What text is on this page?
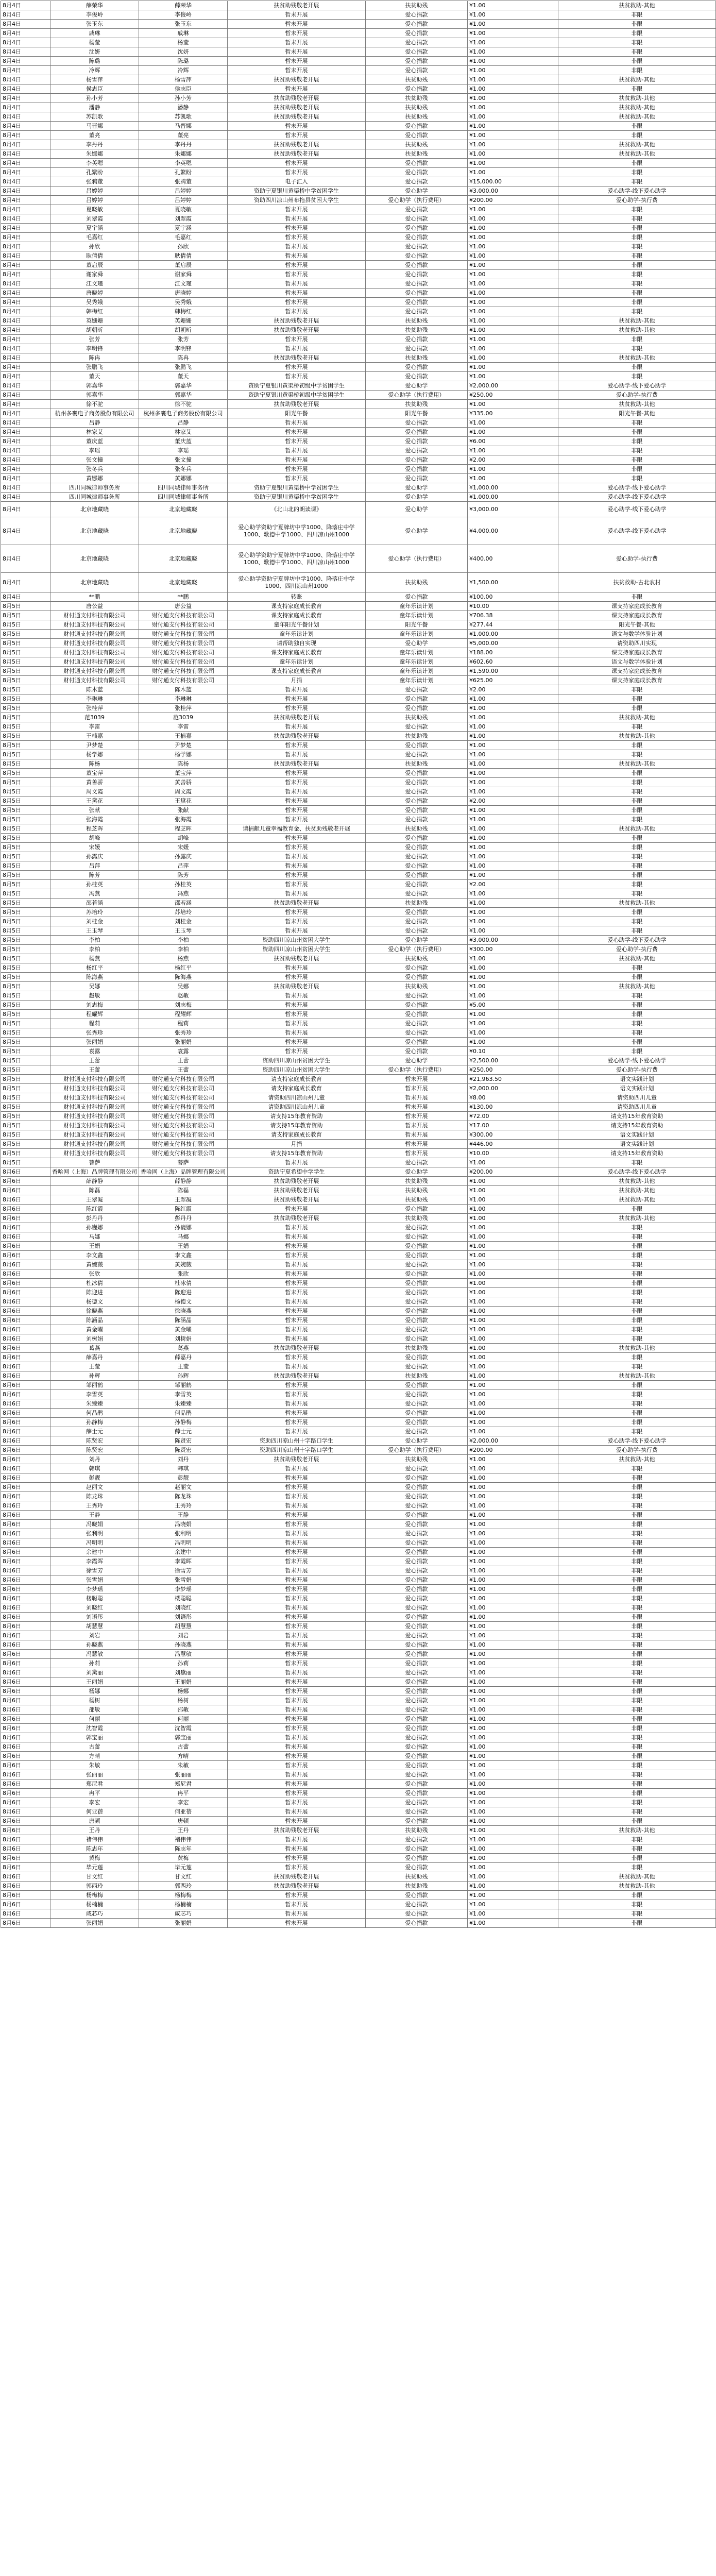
8月4日	薛荣华	薛荣华	扶贫助残敬老开展	扶贫助残	¥1.00	扶贫救助-其他
8月4日	李俊岭	李俊岭	暂未开展	爱心捐款	¥1.00	非限
8月4日	张玉东	张玉东	暂未开展	爱心捐款	¥1.00	非限
8月4日	戚琳	戚琳	暂未开展	爱心捐款	¥1.00	非限
8月4日	杨莹	杨莹	暂未开展	爱心捐款	¥1.00	非限
8月4日	沈妍	沈妍	暂未开展	爱心捐款	¥1.00	非限
8月4日	陈璐	陈璐	暂未开展	爱心捐款	¥1.00	非限
8月4日	冷辉	冷辉	暂未开展	爱心捐款	¥1.00	非限
8月4日	杨雪萍	杨雪萍	扶贫助残敬老开展	扶贫助残	¥1.00	扶贫救助-其他
8月4日	侯志臣	侯志臣	暂未开展	爱心捐款	¥1.00	非限
8月4日	孙小芳	孙小芳	扶贫助残敬老开展	扶贫助残	¥1.00	扶贫救助-其他
8月4日	潘静	潘静	扶贫助残敬老开展	扶贫助残	¥1.00	扶贫救助-其他
8月4日	苏凯歌	苏凯歌	扶贫助残敬老开展	扶贫助残	¥1.00	扶贫救助-其他
8月4日	马晋娜	马晋娜	暂未开展	爱心捐款	¥1.00	非限
8月4日	董亮	董亮	暂未开展	爱心捐款	¥1.00	非限
8月4日	李丹丹	李丹丹	扶贫助残敬老开展	扶贫助残	¥1.00	扶贫救助-其他
8月4日	朱娜娜	朱娜娜	扶贫助残敬老开展	扶贫助残	¥1.00	扶贫救助-其他
8月4日	李英嗯	李英嗯	暂未开展	爱心捐款	¥1.00	非限
8月4日	孔繁盼	孔繁盼	暂未开展	爱心捐款	¥1.00	非限
8月4日	张鸦董	张鸦董	电子汇入	爱心捐款	¥15,000.00	非限
8月4日	吕婷婷	吕婷婷	资助宁夏银川黄渠桥中学贫困学生	爱心助学	¥3,000.00	爱心助学-线下爱心助学
8月4日	吕婷婷	吕婷婷	资助四川凉山州布拖县贫困大学生	爱心助学（执行费用）	¥200.00	爱心助学-执行费
8月4日	夏晓敏	夏晓敏	暂未开展	爱心捐款	¥1.00	非限
8月4日	刘翠霞	刘翠霞	暂未开展	爱心捐款	¥1.00	非限
8月4日	夏宇涵	夏宇涵	暂未开展	爱心捐款	¥1.00	非限
8月4日	毛嘉红	毛嘉红	暂未开展	爱心捐款	¥1.00	非限
8月4日	孙欣	孙欣	暂未开展	爱心捐款	¥1.00	非限
8月4日	耿倩倩	耿倩倩	暂未开展	爱心捐款	¥1.00	非限
8月4日	董启辰	董启辰	暂未开展	爱心捐款	¥1.00	非限
8月4日	谢家舜	谢家舜	暂未开展	爱心捐款	¥1.00	非限
8月4日	江文瑾	江文瑾	暂未开展	爱心捐款	¥1.00	非限
8月4日	唐晓婷	唐晓婷	暂未开展	爱心捐款	¥1.00	非限
8月4日	吴秀娥	吴秀娥	暂未开展	爱心捐款	¥1.00	非限
8月4日	韩梅红	韩梅红	暂未开展	爱心捐款	¥1.00	非限
8月4日	英姗姗	英姗姗	扶贫助残敬老开展	扶贫助残	¥1.00	扶贫救助-其他
8月4日	胡朝昕	胡朝昕	扶贫助残敬老开展	扶贫助残	¥1.00	扶贫救助-其他
8月4日	张芳	张芳	暂未开展	爱心捐款	¥1.00	非限
8月4日	李明锋	李明锋	暂未开展	爱心捐款	¥1.00	非限
8月4日	陈冉	陈冉	扶贫助残敬老开展	扶贫助残	¥1.00	扶贫救助-其他
8月4日	张鹏飞	张鹏飞	暂未开展	爱心捐款	¥1.00	非限
8月4日	董天	董天	暂未开展	爱心捐款	¥1.00	非限
8月4日	郭嘉华	郭嘉华	资助宁夏银川黄渠桥初级中学贫困学生	爱心助学	¥2,000.00	爱心助学-线下爱心助学
8月4日	郭嘉华	郭嘉华	资助宁夏银川黄渠桥初级中学贫困学生	爱心助学（执行费用）	¥250.00	爱心助学-执行费
8月4日	徐不驼	徐不驼	扶贫助残敬老开展	扶贫助残	¥1.00	扶贫救助-其他
8月4日	杭州多裹电子商务股份有限公司	杭州多裹电子商务股份有限公司	阳光午餐	阳光午餐	¥335.00	阳光午餐-其他
8月4日	吕静	吕静	暂未开展	爱心捐款	¥1.00	非限
8月4日	林家艾	林家艾	暂未开展	爱心捐款	¥1.00	非限
8月4日	董庆蓝	董庆蓝	暂未开展	爱心捐款	¥6.00	非限
8月4日	李瑶	李瑶	暂未开展	爱心捐款	¥1.00	非限
8月4日	张文撞	张文撞	暂未开展	爱心捐款	¥2.00	非限
8月4日	张冬兵	张冬兵	暂未开展	爱心捐款	¥1.00	非限
8月4日	黄娜娜	黄娜娜	暂未开展	爱心捐款	¥1.00	非限
8月4日	四川同城律师事务所	四川同城律师事务所	资助宁夏银川黄渠桥中学贫困学生	爱心助学	¥1,000.00	爱心助学-线下爱心助学
8月4日	四川同城律师事务所	四川同城律师事务所	资助宁夏银川黄渠桥中学贫困学生	爱心助学	¥1,000.00	爱心助学-线下爱心助学
8月4日	北京地藏晓	北京地藏晓	《北山北的朗读课》	爱心助学	¥3,000.00	爱心助学-线下爱心助学
8月4日	北京地藏晓	北京地藏晓	爱心助学资助宁夏牌坊中学1000、降落庄中学1000、歌德中学1000、四川凉山州1000	爱心助学	¥4,000.00	爱心助学-线下爱心助学
8月4日	北京地藏晓	北京地藏晓	爱心助学资助宁夏牌坊中学1000、降落庄中学1000、歌德中学1000、四川凉山州1000	爱心助学（执行费用）	¥400.00	爱心助学-执行费
8月4日	北京地藏晓	北京地藏晓	爱心助学资助宁夏牌坊中学1000、降落庄中学1000、四川凉山州1000	扶贫助残	¥1,500.00	扶贫救助-古北农村
8月4日	**鹏	**鹏	转账	爱心捐款	¥100.00	非限
8月5日	唐公益	唐公益	课支持家庭成长教育	童年乐读计划	¥10.00	课支持家庭成长教育
8月5日	财付通支付科技有限公司	财付通支付科技有限公司	课支持家庭成长教育	童年乐读计划	¥706.38	课支持家庭成长教育
8月5日	财付通支付科技有限公司	财付通支付科技有限公司	童年阳光午餐计划	阳光午餐	¥277.44	阳光午餐-其他
8月5日	财付通支付科技有限公司	财付通支付科技有限公司	童年乐读计划	童年乐读计划	¥1,000.00	语文与数学体验计划
8月5日	财付通支付科技有限公司	财付通支付科技有限公司	请帮助独自实现	爱心助学	¥5,000.00	请资助四川实现
8月5日	财付通支付科技有限公司	财付通支付科技有限公司	课支持家庭成长教育	童年乐读计划	¥188.00	课支持家庭成长教育
8月5日	财付通支付科技有限公司	财付通支付科技有限公司	童年乐读计划	童年乐读计划	¥602.60	语文与数学体验计划
8月5日	财付通支付科技有限公司	财付通支付科技有限公司	课支持家庭成长教育	童年乐读计划	¥1,590.00	课支持家庭成长教育
8月5日	财付通支付科技有限公司	财付通支付科技有限公司	月捐	童年乐读计划	¥625.00	课支持家庭成长教育
8月5日	陈木蓝	陈木蓝	暂未开展	爱心捐款	¥2.00	非限
8月5日	李琳琳	李琳琳	暂未开展	爱心捐款	¥1.00	非限
8月5日	张桂萍	张桂萍	暂未开展	爱心捐款	¥1.00	非限
8月5日	范3039	范3039	扶贫助残敬老开展	扶贫助残	¥1.00	扶贫救助-其他
8月5日	李雷	李雷	暂未开展	爱心捐款	¥1.00	非限
8月5日	王楠嘉	王楠嘉	扶贫助残敬老开展	扶贫助残	¥1.00	扶贫救助-其他
8月5日	尹梦楚	尹梦楚	暂未开展	爱心捐款	¥1.00	非限
8月5日	杨学娜	杨学娜	暂未开展	爱心捐款	¥1.00	非限
8月5日	陈杨	陈杨	扶贫助残敬老开展	扶贫助残	¥1.00	扶贫救助-其他
8月5日	董宝萍	董宝萍	暂未开展	爱心捐款	¥1.00	非限
8月5日	黄善骄	黄善骄	暂未开展	爱心捐款	¥1.00	非限
8月5日	周文霞	周文霞	暂未开展	爱心捐款	¥1.00	非限
8月5日	王黛花	王黛花	暂未开展	爱心捐款	¥2.00	非限
8月5日	张献	张献	暂未开展	爱心捐款	¥1.00	非限
8月5日	张海霞	张海霞	暂未开展	爱心捐款	¥1.00	非限
8月5日	程芝晖	程芝晖	请捐献儿童幸福教育金、扶贫助残敬老开展	扶贫助残	¥1.00	扶贫救助-其他
8月5日	胡峰	胡峰	暂未开展	爱心捐款	¥1.00	非限
8月5日	宋媛	宋媛	暂未开展	爱心捐款	¥1.00	非限
8月5日	孙露庆	孙露庆	暂未开展	爱心捐款	¥1.00	非限
8月5日	吕萍	吕萍	暂未开展	爱心捐款	¥1.00	非限
8月5日	陈芳	陈芳	暂未开展	爱心捐款	¥1.00	非限
8月5日	孙桂英	孙桂英	暂未开展	爱心捐款	¥2.00	非限
8月5日	冯燕	冯燕	暂未开展	爱心捐款	¥1.00	非限
8月5日	邵若涵	邵若涵	扶贫助残敬老开展	扶贫助残	¥1.00	扶贫救助-其他
8月5日	苏培玲	苏培玲	暂未开展	爱心捐款	¥1.00	非限
8月5日	刘桂金	刘桂金	暂未开展	爱心捐款	¥1.00	非限
8月5日	王玉琴	王玉琴	暂未开展	爱心捐款	¥1.00	非限
8月5日	李柏	李柏	资助四川凉山州贫困大学生	爱心助学	¥3,000.00	爱心助学-线下爱心助学
8月5日	李柏	李柏	资助四川凉山州贫困大学生	爱心助学（执行费用）	¥300.00	爱心助学-执行费
8月5日	杨燕	杨燕	扶贫助残敬老开展	扶贫助残	¥1.00	扶贫救助-其他
8月5日	杨红平	杨红平	暂未开展	爱心捐款	¥1.00	非限
8月5日	陈海燕	陈海燕	暂未开展	爱心捐款	¥1.00	非限
8月5日	吴娜	吴娜	扶贫助残敬老开展	扶贫助残	¥1.00	扶贫救助-其他
8月5日	赵敏	赵敏	暂未开展	爱心捐款	¥1.00	非限
8月5日	刘志梅	刘志梅	暂未开展	爱心捐款	¥5.00	非限
8月5日	程耀辉	程耀辉	暂未开展	爱心捐款	¥1.00	非限
8月5日	程莉	程莉	暂未开展	爱心捐款	¥1.00	非限
8月5日	张秀珍	张秀珍	暂未开展	爱心捐款	¥1.00	非限
8月5日	张丽娟	张丽娟	暂未开展	爱心捐款	¥1.00	非限
8月5日	袁露	袁露	暂未开展	爱心捐款	¥0.10	非限
8月5日	王蕾	王蕾	资助四川凉山州贫困大学生	爱心助学	¥2,500.00	爱心助学-线下爱心助学
8月5日	王蕾	王蕾	资助四川凉山州贫困大学生	爱心助学（执行费用）	¥250.00	爱心助学-执行费
8月5日	财付通支付科技有限公司	财付通支付科技有限公司	请支持家庭成长教育	暂未开展	¥21,963.50	语文实践计划
8月5日	财付通支付科技有限公司	财付通支付科技有限公司	请支持家庭成长教育	暂未开展	¥2,000.00	语文实践计划
8月5日	财付通支付科技有限公司	财付通支付科技有限公司	请资助四川凉山州儿童	暂未开展	¥8.00	请资助四川儿童
8月5日	财付通支付科技有限公司	财付通支付科技有限公司	请资助四川凉山州儿童	暂未开展	¥130.00	请资助四川儿童
8月5日	财付通支付科技有限公司	财付通支付科技有限公司	请支持15年教育资助	暂未开展	¥72.00	请支持15年教育资助
8月5日	财付通支付科技有限公司	财付通支付科技有限公司	请支持15年教育资助	暂未开展	¥17.00	请支持15年教育资助
8月5日	财付通支付科技有限公司	财付通支付科技有限公司	请支持家庭成长教育	暂未开展	¥300.00	语文实践计划
8月5日	财付通支付科技有限公司	财付通支付科技有限公司	月捐	暂未开展	¥446.00	语文实践计划
8月5日	财付通支付科技有限公司	财付通支付科技有限公司	请支持15年教育资助	暂未开展	¥10.00	请支持15年教育资助
8月5日	菩萨	菩萨	暂未开展	爱心捐款	¥1.00	非限
8月6日	香哈网（上海）品牌管理有限公司	香哈网（上海）品牌管理有限公司	资助宁夏希望中学学生	爱心助学	¥200.00	爱心助学-线下爱心助学
8月6日	薛静静	薛静静	扶贫助残敬老开展	扶贫助残	¥1.00	扶贫救助-其他
8月6日	陈磊	陈磊	扶贫助残敬老开展	扶贫助残	¥1.00	扶贫救助-其他
8月6日	王翠凝	王翠凝	扶贫助残敬老开展	扶贫助残	¥1.00	扶贫救助-其他
8月6日	陈红霞	陈红霞	暂未开展	爱心捐款	¥1.00	非限
8月6日	彭丹丹	彭丹丹	扶贫助残敬老开展	扶贫助残	¥1.00	扶贫救助-其他
8月6日	孙巍娜	孙巍娜	暂未开展	爱心捐款	¥1.00	非限
8月6日	马娜	马娜	暂未开展	爱心捐款	¥1.00	非限
8月6日	王娟	王娟	暂未开展	爱心捐款	¥1.00	非限
8月6日	李文鑫	李文鑫	暂未开展	爱心捐款	¥1.00	非限
8月6日	黄婉薇	黄婉薇	暂未开展	爱心捐款	¥1.00	非限
8月6日	张欣	张欣	暂未开展	爱心捐款	¥1.00	非限
8月6日	杜冰倩	杜冰倩	暂未开展	爱心捐款	¥1.00	非限
8月6日	陈迎进	陈迎进	暂未开展	爱心捐款	¥1.00	非限
8月6日	杨德文	杨德文	暂未开展	爱心捐款	¥1.00	非限
8月6日	徐晓燕	徐晓燕	暂未开展	爱心捐款	¥1.00	非限
8月6日	陈涵晶	陈涵晶	暂未开展	爱心捐款	¥1.00	非限
8月6日	黄金曜	黄金曜	暂未开展	爱心捐款	¥1.00	非限
8月6日	刘树娟	刘树娟	暂未开展	爱心捐款	¥1.00	非限
8月6日	葛燕	葛燕	扶贫助残敬老开展	扶贫助残	¥1.00	扶贫救助-其他
8月6日	薛嘉丹	薛嘉丹	暂未开展	爱心捐款	¥1.00	非限
8月6日	王莹	王莹	暂未开展	爱心捐款	¥1.00	非限
8月6日	孙辉	孙辉	扶贫助残敬老开展	扶贫助残	¥1.00	扶贫救助-其他
8月6日	邹丽鹤	邹丽鹤	暂未开展	爱心捐款	¥1.00	非限
8月6日	李雪英	李雪英	暂未开展	爱心捐款	¥1.00	非限
8月6日	朱臻臻	朱臻臻	暂未开展	爱心捐款	¥1.00	非限
8月6日	何品鹃	何品鹃	暂未开展	爱心捐款	¥1.00	非限
8月6日	孙静梅	孙静梅	暂未开展	爱心捐款	¥1.00	非限
8月6日	薛士元	薛士元	暂未开展	爱心捐款	¥1.00	非限
8月6日	陈贤宏	陈贤宏	资助四川凉山州十字路口学生	爱心助学	¥2,000.00	爱心助学-线下爱心助学
8月6日	陈贤宏	陈贤宏	资助四川凉山州十字路口学生	爱心助学（执行费用）	¥200.00	爱心助学-执行费
8月6日	刘丹	刘丹	扶贫助残敬老开展	扶贫助残	¥1.00	扶贫救助-其他
8月6日	韩琪	韩琪	暂未开展	爱心捐款	¥1.00	非限
8月6日	彭靓	彭靓	暂未开展	爱心捐款	¥1.00	非限
8月6日	赵丽文	赵丽文	暂未开展	爱心捐款	¥1.00	非限
8月6日	陈龙珠	陈龙珠	暂未开展	爱心捐款	¥1.00	非限
8月6日	王秀玲	王秀玲	暂未开展	爱心捐款	¥1.00	非限
8月6日	王静	王静	暂未开展	爱心捐款	¥1.00	非限
8月6日	冯晓娟	冯晓娟	暂未开展	爱心捐款	¥1.00	非限
8月6日	张利明	张利明	暂未开展	爱心捐款	¥1.00	非限
8月6日	冯明明	冯明明	暂未开展	爱心捐款	¥1.00	非限
8月6日	余建中	余建中	暂未开展	爱心捐款	¥1.00	非限
8月6日	李霞晖	李霞晖	暂未开展	爱心捐款	¥1.00	非限
8月6日	徐雪芳	徐雪芳	暂未开展	爱心捐款	¥1.00	非限
8月6日	张雪娟	张雪娟	暂未开展	爱心捐款	¥1.00	非限
8月6日	李梦瑶	李梦瑶	暂未开展	爱心捐款	¥1.00	非限
8月6日	楼聪聪	楼聪聪	暂未开展	爱心捐款	¥1.00	非限
8月6日	刘晓红	刘晓红	暂未开展	爱心捐款	¥1.00	非限
8月6日	刘语彤	刘语彤	暂未开展	爱心捐款	¥1.00	非限
8月6日	胡慧慧	胡慧慧	暂未开展	爱心捐款	¥1.00	非限
8月6日	刘岩	刘岩	暂未开展	爱心捐款	¥1.00	非限
8月6日	孙晓燕	孙晓燕	暂未开展	爱心捐款	¥1.00	非限
8月6日	冯慧敏	冯慧敏	暂未开展	爱心捐款	¥1.00	非限
8月6日	孙莉	孙莉	暂未开展	爱心捐款	¥1.00	非限
8月6日	刘黛丽	刘黛丽	暂未开展	爱心捐款	¥1.00	非限
8月6日	王丽娟	王丽娟	暂未开展	爱心捐款	¥1.00	非限
8月6日	杨娜	杨娜	暂未开展	爱心捐款	¥1.00	非限
8月6日	杨树	杨树	暂未开展	爱心捐款	¥1.00	非限
8月6日	邵敏	邵敏	暂未开展	爱心捐款	¥1.00	非限
8月6日	何丽	何丽	暂未开展	爱心捐款	¥1.00	非限
8月6日	沈智霞	沈智霞	暂未开展	爱心捐款	¥1.00	非限
8月6日	郭宝丽	郭宝丽	暂未开展	爱心捐款	¥1.00	非限
8月6日	古蕾	古蕾	暂未开展	爱心捐款	¥1.00	非限
8月6日	方晴	方晴	暂未开展	爱心捐款	¥1.00	非限
8月6日	朱敏	朱敏	暂未开展	爱心捐款	¥1.00	非限
8月6日	张丽丽	张丽丽	暂未开展	爱心捐款	¥1.00	非限
8月6日	郑尼君	郑尼君	暂未开展	爱心捐款	¥1.00	非限
8月6日	冉平	冉平	暂未开展	爱心捐款	¥1.00	非限
8月6日	李宏	李宏	暂未开展	爱心捐款	¥1.00	非限
8月6日	何亚蓓	何亚蓓	暂未开展	爱心捐款	¥1.00	非限
8月6日	唐顿	唐顿	暂未开展	爱心捐款	¥1.00	非限
8月6日	王丹	王丹	扶贫助残敬老开展	扶贫助残	¥1.00	扶贫救助-其他
8月6日	褚伟伟	褚伟伟	暂未开展	爱心捐款	¥1.00	非限
8月6日	陈志年	陈志年	暂未开展	爱心捐款	¥1.00	非限
8月6日	黄梅	黄梅	暂未开展	爱心捐款	¥1.00	非限
8月6日	毕元莲	毕元莲	暂未开展	爱心捐款	¥1.00	非限
8月6日	甘文红	甘文红	扶贫助残敬老开展	扶贫助残	¥1.00	扶贫救助-其他
8月6日	郭西玲	郭西玲	扶贫助残敬老开展	扶贫助残	¥1.00	扶贫救助-其他
8月6日	杨梅梅	杨梅梅	暂未开展	爱心捐款	¥1.00	非限
8月6日	杨楠楠	杨楠楠	暂未开展	爱心捐款	¥1.00	非限
8月6日	咸芯巧	咸芯巧	暂未开展	爱心捐款	¥1.00	非限
8月6日	张丽娟	张丽娟	暂未开展	爱心捐款	¥1.00	非限
